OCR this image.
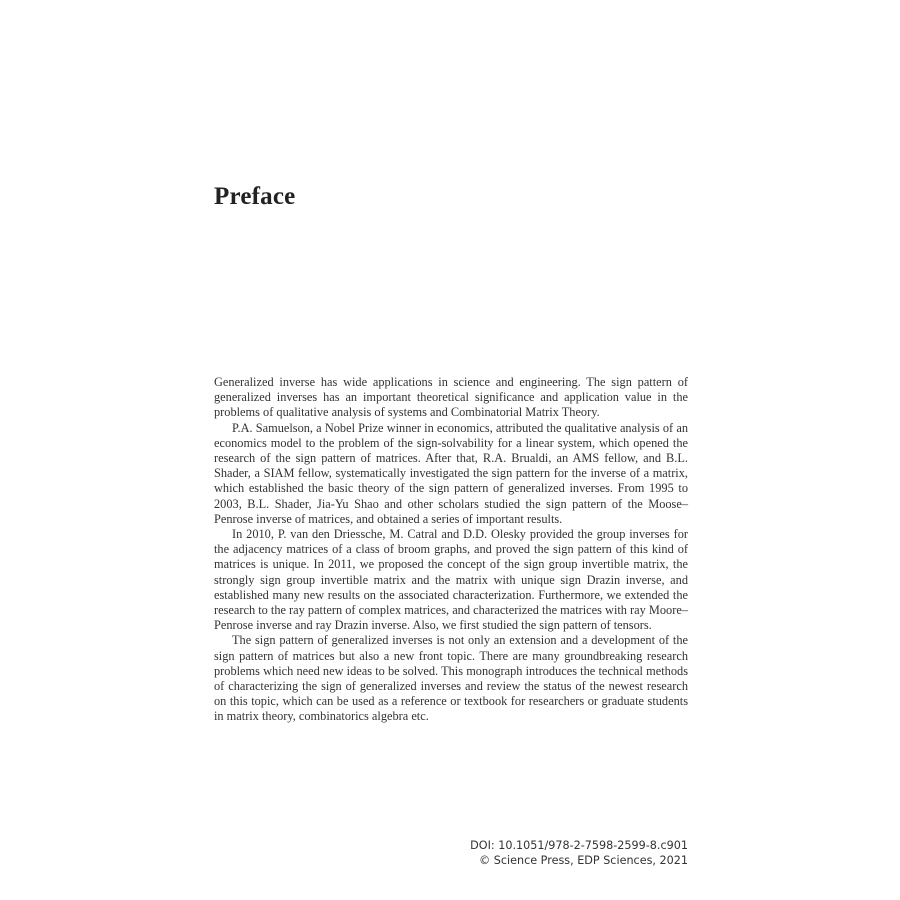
Preface

Generalized inverse has wide applications in science and engineering. The sign pattern of generalized inverses has an important theoretical significance and application value in the problems of qualitative analysis of systems and Combinatorial Matrix Theory.

P.A. Samuelson, a Nobel Prize winner in economics, attributed the qualitative analysis of an economics model to the problem of the sign-solvability for a linear system, which opened the research of the sign pattern of matrices. After that, R.A. Brualdi, an AMS fellow, and B.L. Shader, a SIAM fellow, systematically investigated the sign pattern for the inverse of a matrix, which established the basic theory of the sign pattern of generalized inverses. From 1995 to 2003, B.L. Shader, Jia-Yu Shao and other scholars studied the sign pattern of the Moose–Penrose inverse of matrices, and obtained a series of important results.

In 2010, P. van den Driessche, M. Catral and D.D. Olesky provided the group inverses for the adjacency matrices of a class of broom graphs, and proved the sign pattern of this kind of matrices is unique. In 2011, we proposed the concept of the sign group invertible matrix, the strongly sign group invertible matrix and the matrix with unique sign Drazin inverse, and established many new results on the associated characterization. Furthermore, we extended the research to the ray pattern of complex matrices, and characterized the matrices with ray Moore–Penrose inverse and ray Drazin inverse. Also, we first studied the sign pattern of tensors.

The sign pattern of generalized inverses is not only an extension and a development of the sign pattern of matrices but also a new front topic. There are many groundbreaking research problems which need new ideas to be solved. This monograph introduces the technical methods of characterizing the sign of generalized inverses and review the status of the newest research on this topic, which can be used as a reference or textbook for researchers or graduate students in matrix theory, combinatorics algebra etc.

DOI: 10.1051/978-2-7598-2599-8.c901
© Science Press, EDP Sciences, 2021
